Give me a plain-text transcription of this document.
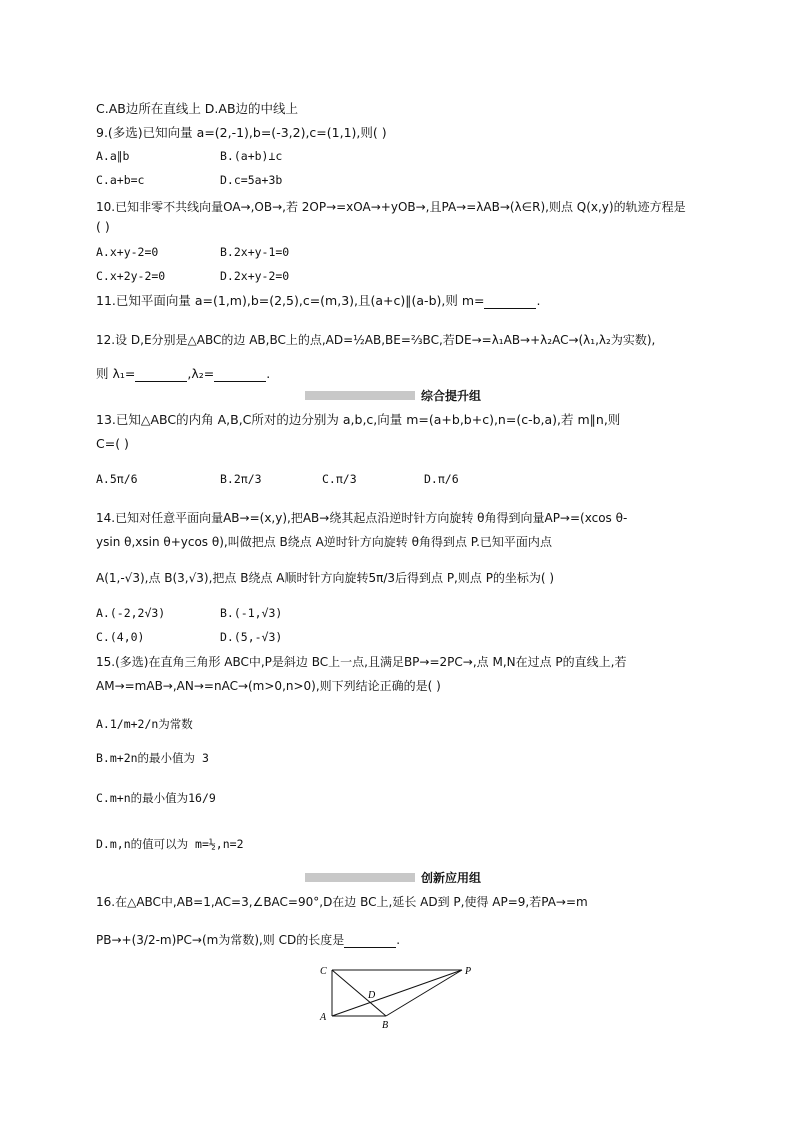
C.AB边所在直线上 D.AB边的中线上
9.(多选)已知向量 a=(2,-1),b=(-3,2),c=(1,1),则( )
A.a∥b	B.(a+b)⊥c
C.a+b=c	D.c=5a+3b
10.已知非零不共线向量OA→,OB→,若 2OP→=xOA→+yOB→,且PA→=λAB→(λ∈R),则点 Q(x,y)的轨迹方程是
( )
A.x+y-2=0	B.2x+y-1=0
C.x+2y-2=0	D.2x+y-2=0
11.已知平面向量 a=(1,m),b=(2,5),c=(m,3),且(a+c)∥(a-b),则 m=	.
12.设 D,E分别是△ABC的边 AB,BC上的点,AD=½AB,BE=⅔BC,若DE→=λ₁AB→+λ₂AC→(λ₁,λ₂为实数),
则 λ₁=	,λ₂=	.
综合提升组
13.已知△ABC的内角 A,B,C所对的边分别为 a,b,c,向量 m=(a+b,b+c),n=(c-b,a),若 m∥n,则
C=( )
A.5π/6	B.2π/3	C.π/3	D.π/6
14.已知对任意平面向量AB→=(x,y),把AB→绕其起点沿逆时针方向旋转 θ角得到向量AP→=(xcos θ-
ysin θ,xsin θ+ycos θ),叫做把点 B绕点 A逆时针方向旋转 θ角得到点 P.已知平面内点
A(1,-√3),点 B(3,√3),把点 B绕点 A顺时针方向旋转5π/3后得到点 P,则点 P的坐标为( )
A.(-2,2√3)	B.(-1,√3)
C.(4,0)	D.(5,-√3)
15.(多选)在直角三角形 ABC中,P是斜边 BC上一点,且满足BP→=2PC→,点 M,N在过点 P的直线上,若
AM→=mAB→,AN→=nAC→(m>0,n>0),则下列结论正确的是( )
A.1/m+2/n为常数
B.m+2n的最小值为 3
C.m+n的最小值为16/9
D.m,n的值可以为 m=½,n=2
创新应用组
16.在△ABC中,AB=1,AC=3,∠BAC=90°,D在边 BC上,延长 AD到 P,使得 AP=9,若PA→=m
PB→+(3/2-m)PC→(m为常数),则 CD的长度是	.
C	P
D
A
B
